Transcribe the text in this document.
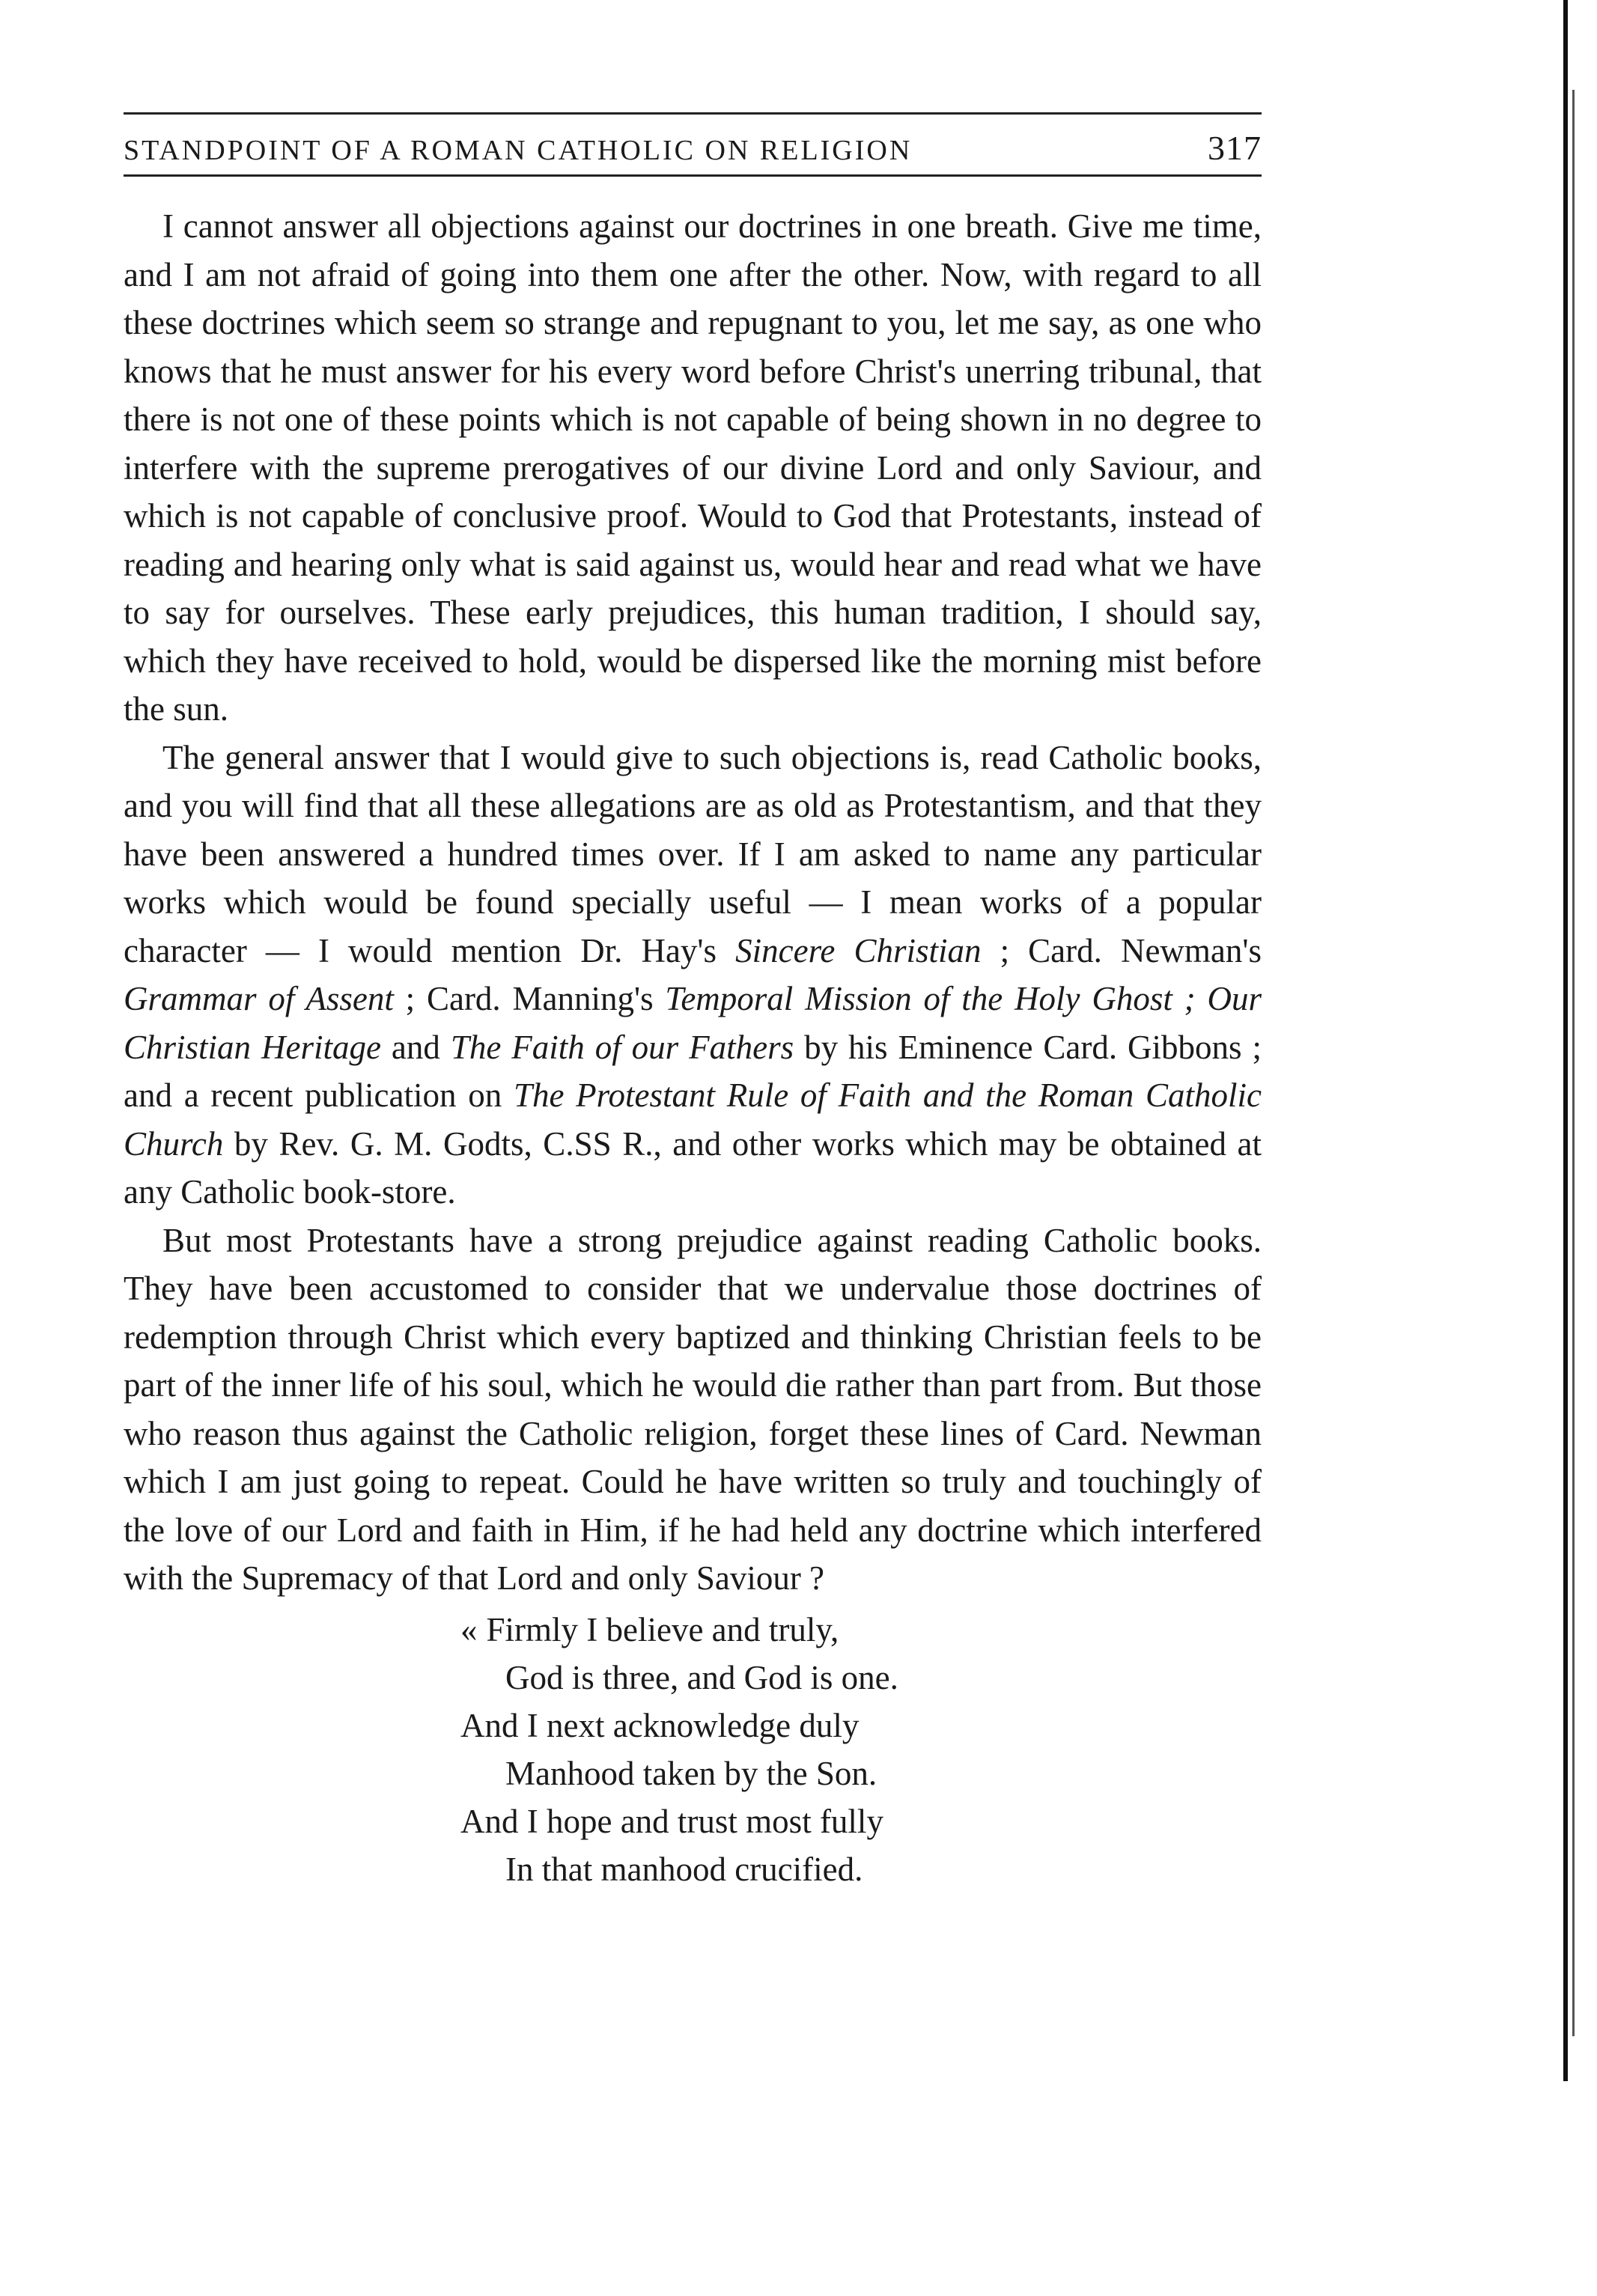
STANDPOINT OF A ROMAN CATHOLIC ON RELIGION	317

I cannot answer all objections against our doctrines in one breath. Give me time, and I am not afraid of going into them one after the other. Now, with regard to all these doctrines which seem so strange and repugnant to you, let me say, as one who knows that he must answer for his every word before Christ's unerring tribunal, that there is not one of these points which is not capable of being shown in no degree to interfere with the supreme prerogatives of our divine Lord and only Saviour, and which is not capable of conclusive proof. Would to God that Protestants, instead of reading and hearing only what is said against us, would hear and read what we have to say for ourselves. These early prejudices, this human tradition, I should say, which they have received to hold, would be dispersed like the morning mist before the sun.

The general answer that I would give to such objections is, read Catholic books, and you will find that all these allegations are as old as Protestantism, and that they have been answered a hundred times over. If I am asked to name any particular works which would be found specially useful — I mean works of a popular character — I would mention Dr. Hay's Sincere Christian ; Card. Newman's Grammar of Assent ; Card. Manning's Temporal Mission of the Holy Ghost ; Our Christian Heritage and The Faith of our Fathers by his Eminence Card. Gibbons ; and a recent publication on The Protestant Rule of Faith and the Roman Catholic Church by Rev. G. M. Godts, C.SS R., and other works which may be obtained at any Catholic book-store.

But most Protestants have a strong prejudice against reading Catholic books. They have been accustomed to consider that we undervalue those doctrines of redemption through Christ which every baptized and thinking Christian feels to be part of the inner life of his soul, which he would die rather than part from. But those who reason thus against the Catholic religion, forget these lines of Card. Newman which I am just going to repeat. Could he have written so truly and touchingly of the love of our Lord and faith in Him, if he had held any doctrine which interfered with the Supremacy of that Lord and only Saviour ?

« Firmly I believe and truly,
God is three, and God is one.
And I next acknowledge duly
Manhood taken by the Son.
And I hope and trust most fully
In that manhood crucified.
